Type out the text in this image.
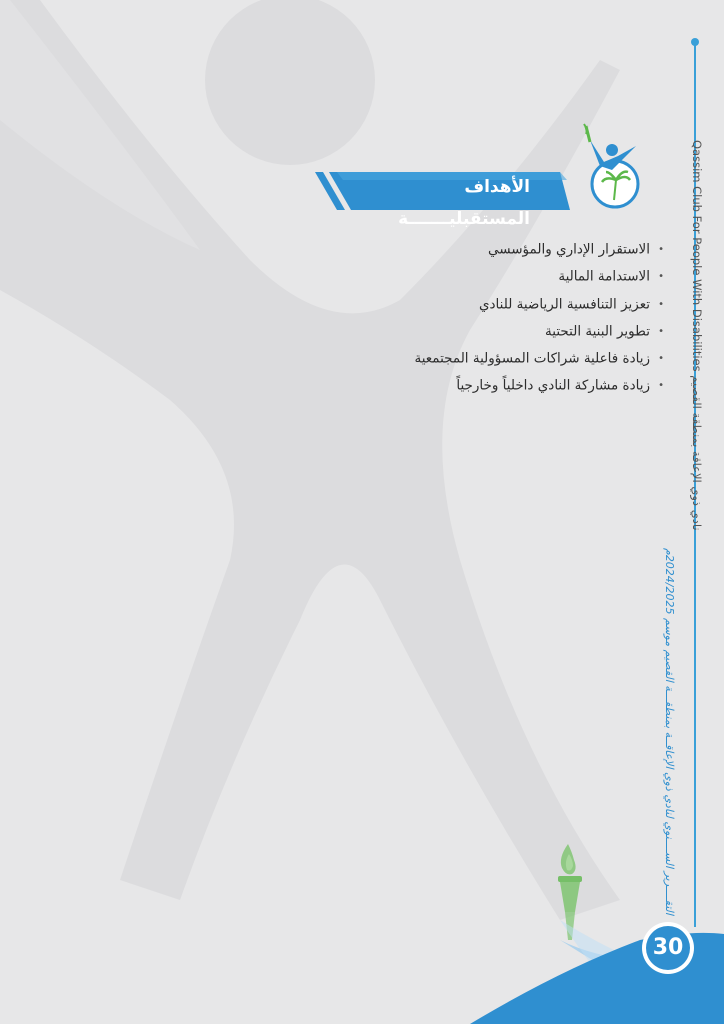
نادي ذوي الإعاقة بمنطقة القصيم Qassim Club For People With Disabilities
التقــــرير الســــنوي لنادي ذوي الإعاقــة بمنطقـــة القصيم موسم 2024/2025م
الأهداف المستقبليـــــــة
•الاستقرار الإداري والمؤسسي
•الاستدامة المالية
•تعزيز التنافسية الرياضية للنادي
•تطوير البنية التحتية
•زيادة فاعلية شراكات المسؤولية المجتمعية
•زيادة مشاركة النادي داخلياً وخارجياً
30
